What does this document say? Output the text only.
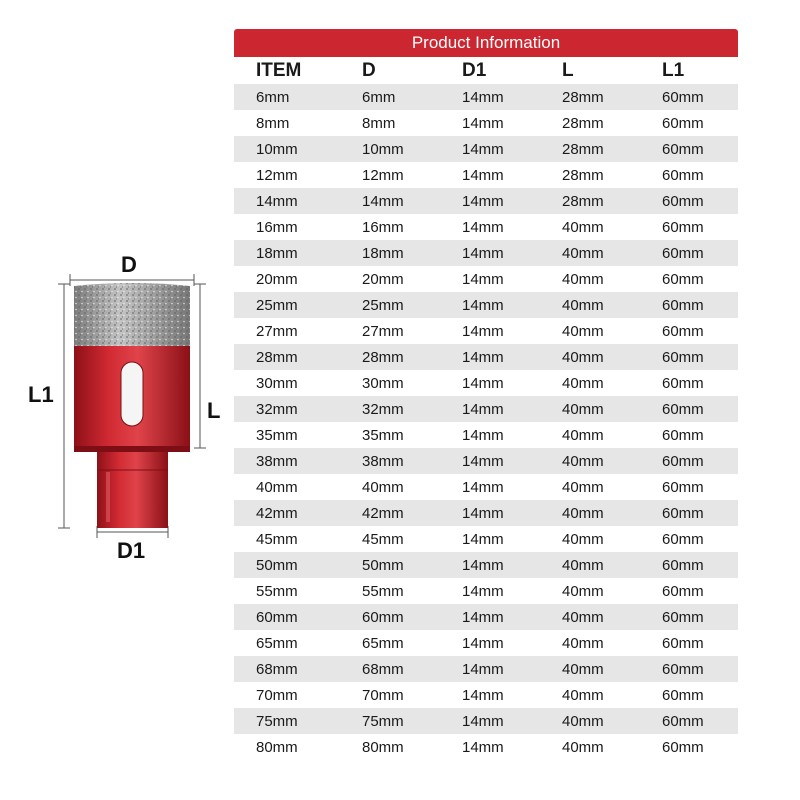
D
D1
L1
L
Product Information
ITEM	D	D1	L	L1
6mm	6mm	14mm	28mm	60mm
8mm	8mm	14mm	28mm	60mm
10mm	10mm	14mm	28mm	60mm
12mm	12mm	14mm	28mm	60mm
14mm	14mm	14mm	28mm	60mm
16mm	16mm	14mm	40mm	60mm
18mm	18mm	14mm	40mm	60mm
20mm	20mm	14mm	40mm	60mm
25mm	25mm	14mm	40mm	60mm
27mm	27mm	14mm	40mm	60mm
28mm	28mm	14mm	40mm	60mm
30mm	30mm	14mm	40mm	60mm
32mm	32mm	14mm	40mm	60mm
35mm	35mm	14mm	40mm	60mm
38mm	38mm	14mm	40mm	60mm
40mm	40mm	14mm	40mm	60mm
42mm	42mm	14mm	40mm	60mm
45mm	45mm	14mm	40mm	60mm
50mm	50mm	14mm	40mm	60mm
55mm	55mm	14mm	40mm	60mm
60mm	60mm	14mm	40mm	60mm
65mm	65mm	14mm	40mm	60mm
68mm	68mm	14mm	40mm	60mm
70mm	70mm	14mm	40mm	60mm
75mm	75mm	14mm	40mm	60mm
80mm	80mm	14mm	40mm	60mm
